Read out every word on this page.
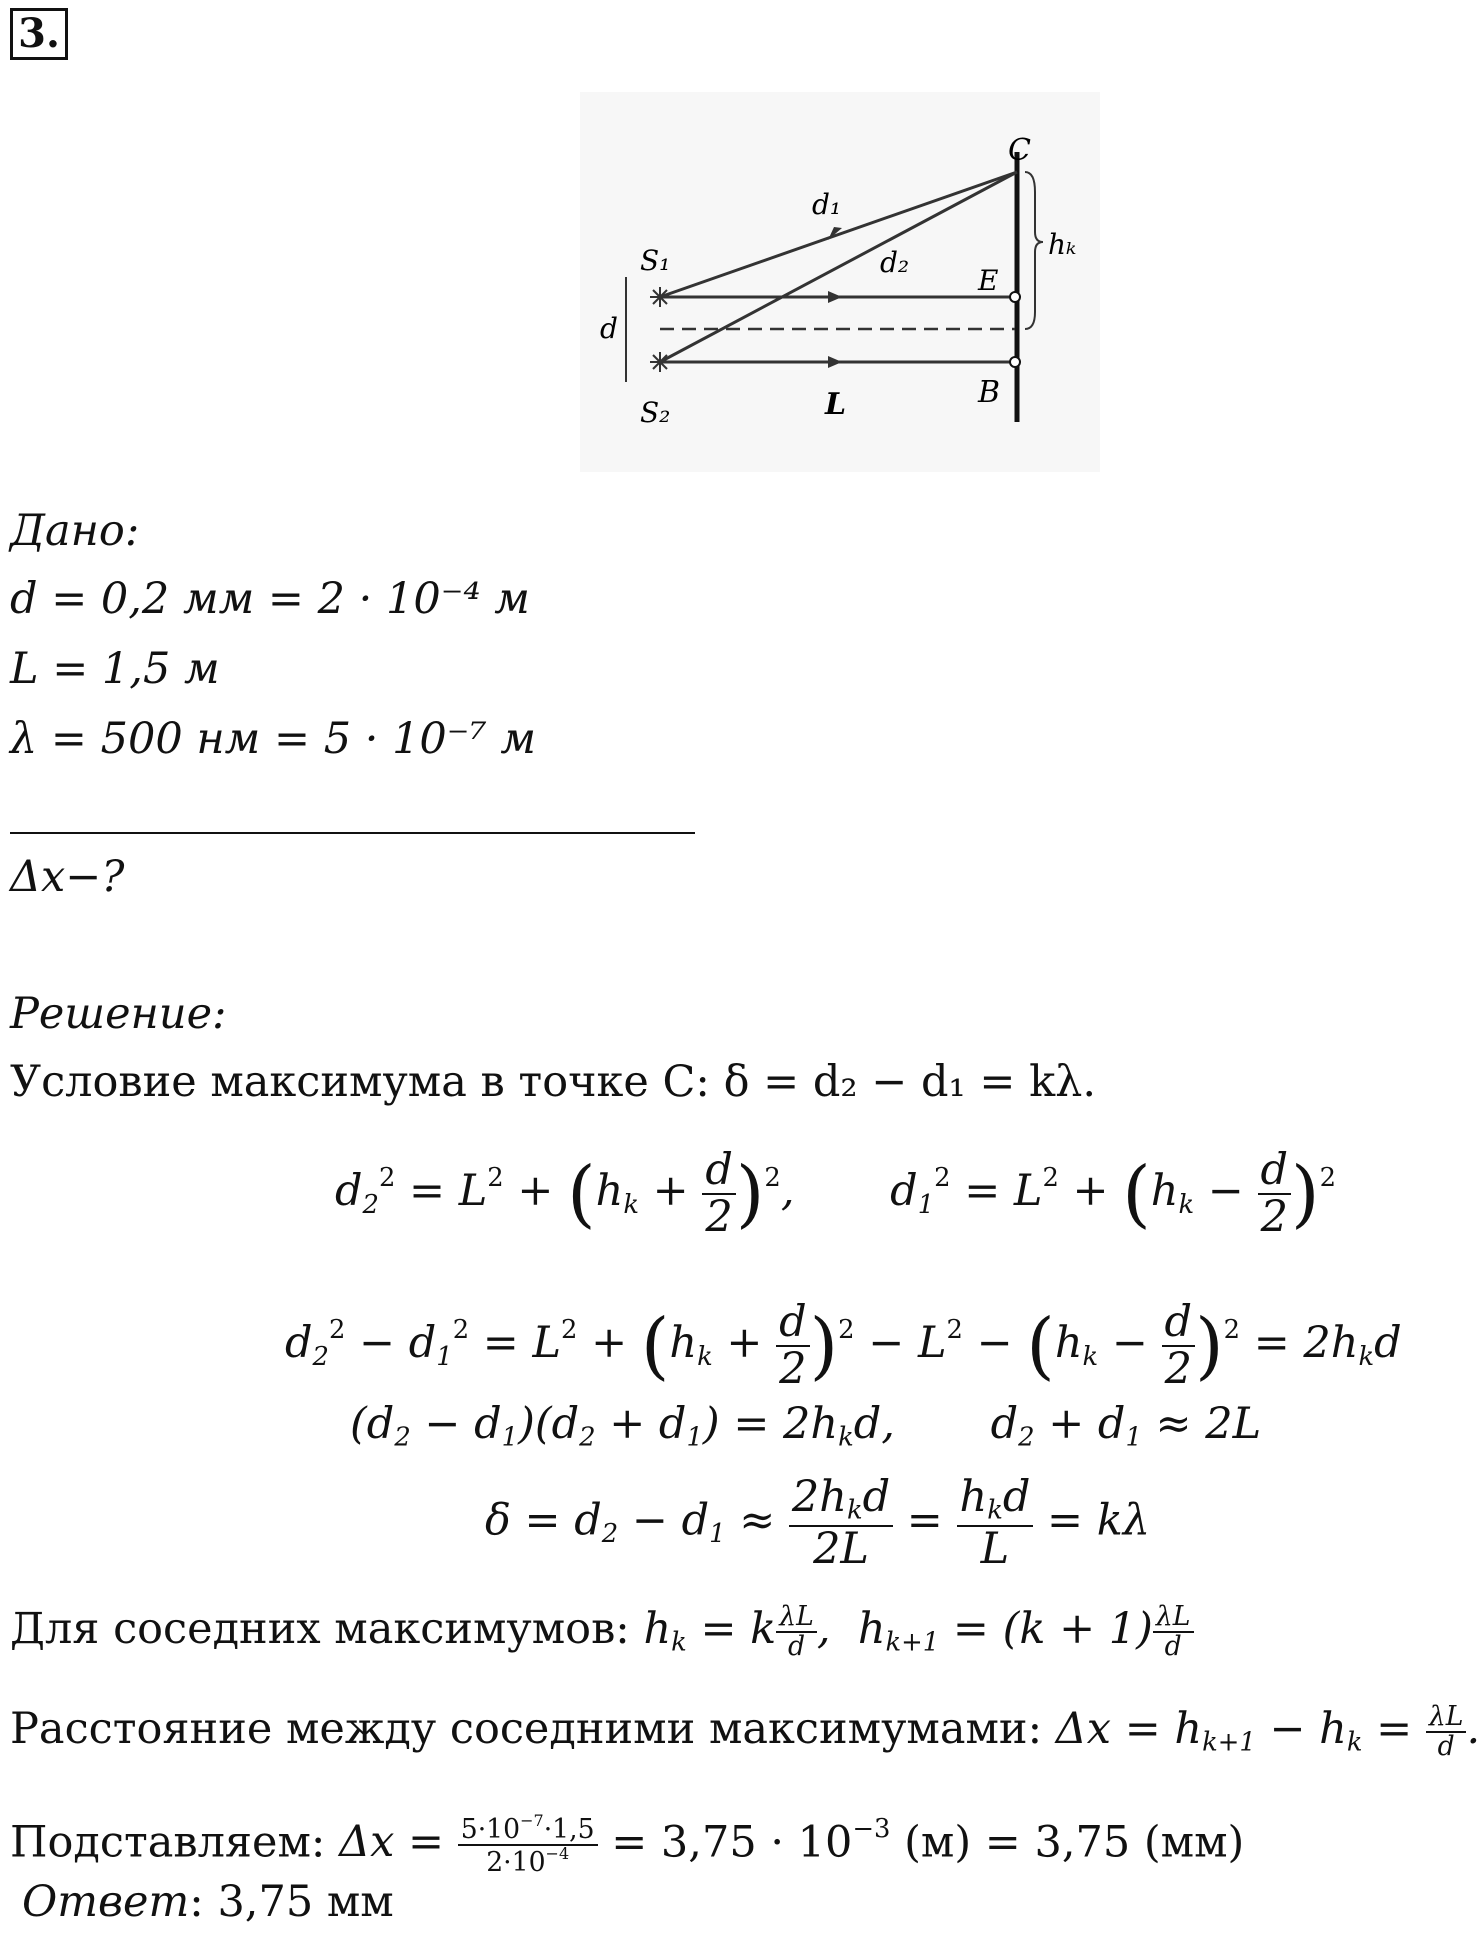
3.
C
E
B
S₁
S₂
d₁
d₂
d
L
hₖ
Дано:
d = 0,2 мм = 2 · 10⁻⁴ м
L = 1,5 м
λ = 500 нм = 5 · 10⁻⁷ м
Δx−?
Решение:
Условие максимума в точке C: δ = d₂ − d₁ = kλ.
$d_2^2 = L^2 + (h_k + \frac{d}{2} )^2$,       $d_1^2 = L^2 + (h_k - \frac{d}{2} )^2$
$d_2^2 - d_1^2 = L^2 + (h_k + \frac{d}{2} )^2 - L^2 - (h_k - \frac{d}{2} )^2 = 2h_kd$
$(d_2 - d_1)(d_2 + d_1) = 2h_kd$,       $d_2 + d_1 \approx 2L$
$\delta = d_2 - d_1 \approx \frac{2h_kd}{2L} = \frac{h_kd}{L} = k\lambda$
Для соседних максимумов: $h_k = k \frac{\lambda L}{d}$ ,  $h_{k+1} = (k + 1) \frac{\lambda L}{d}$
Расстояние между соседними максимумами: $\Delta x = h_{k+1} - h_k = \frac{\lambda L}{d}$ .
Подставляем: $\Delta x = \frac{5\cdot 10^{-7}\cdot 1,5}{2\cdot 10^{-4}} = 3,75 \cdot 10^{-3}$ (м) = 3,75 (мм)
Ответ: 3,75 мм
